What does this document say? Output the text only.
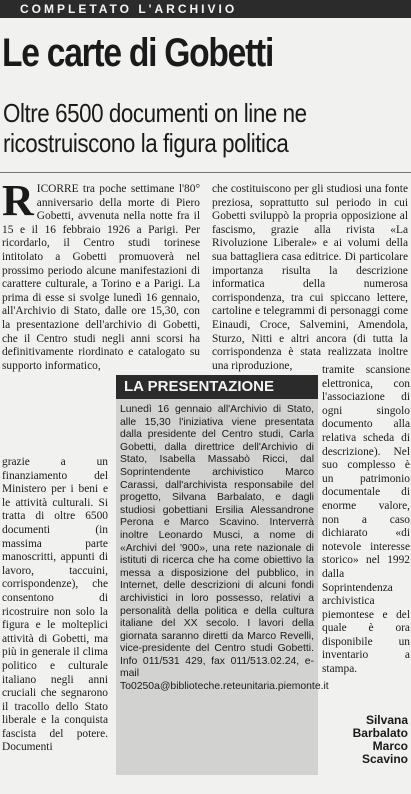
COMPLETATO L'ARCHIVIO
Le carte di Gobetti
Oltre 6500 documenti on line ne ricostruiscono la figura politica

RICORRE tra poche settimane l'80° anniversario della morte di Piero Gobetti, avvenuta nella notte fra il 15 e il 16 febbraio 1926 a Parigi. Per ricordarlo, il Centro studi torinese intitolato a Gobetti promuoverà nel prossimo periodo alcune manifestazioni di carattere culturale, a Torino e a Parigi. La prima di esse si svolge lunedì 16 gennaio, all'Archivio di Stato, dalle ore 15,30, con la presentazione dell'archivio di Gobetti, che il Centro studi negli anni scorsi ha definitivamente riordinato e catalogato su supporto informatico,

grazie a un finanziamento del Ministero per i beni e le attività culturali. Si tratta di oltre 6500 documenti (in massima parte manoscritti, appunti di lavoro, taccuini, corrispondenze), che consentono di ricostruire non solo la figura e le molteplici attività di Gobetti, ma più in generale il clima politico e culturale italiano negli anni cruciali che segnarono il tracollo dello Stato liberale e la conquista fascista del potere. Documenti

che costituiscono per gli studiosi una fonte preziosa, soprattutto sul periodo in cui Gobetti sviluppò la propria opposizione al fascismo, grazie alla rivista «La Rivoluzione Liberale» e ai volumi della sua battagliera casa editrice. Di particolare importanza risulta la descrizione informatica della numerosa corrispondenza, tra cui spiccano lettere, cartoline e telegrammi di personaggi come Einaudi, Croce, Salvemini, Amendola, Sturzo, Nitti e altri ancora (di tutta la corrispondenza è stata realizzata inoltre una riproduzione,	tramite scansione elettronica, con l'associazione di ogni singolo documento alla relativa scheda di descrizione). Nel suo complesso è un patrimonio documentale di enorme valore, non a caso dichiarato «di notevole interesse storico» nel 1992 dalla Soprintendenza archivistica piemontese e del quale è ora disponibile un inventario a stampa.

LA PRESENTAZIONE
Lunedì 16 gennaio all'Archivio di Stato, alle 15,30 l'iniziativa viene presentata dalla presidente del Centro studi, Carla Gobetti, dalla direttrice dell'Archivio di Stato, Isabella Massabò Ricci, dal Soprintendente archivistico Marco Carassi, dall'archivista responsabile del progetto, Silvana Barbalato, e dagli studiosi gobettiani Ersilia Alessandrone Perona e Marco Scavino. Interverrà inoltre Leonardo Musci, a nome di «Archivi del '900», una rete nazionale di istituti di ricerca che ha come obiettivo la messa a disposizione del pubblico, in Internet, delle descrizioni di alcuni fondi archivistici in loro possesso, relativi a personalità della politica e della cultura italiane del XX secolo. I lavori della giornata saranno diretti da Marco Revelli, vice-presidente del Centro studi Gobetti. Info 011/531 429, fax 011/513.02.24, e-mail To0250a@biblioteche.reteunitaria.piemonte.it
Silvana
Barbalato
Marco
Scavino
